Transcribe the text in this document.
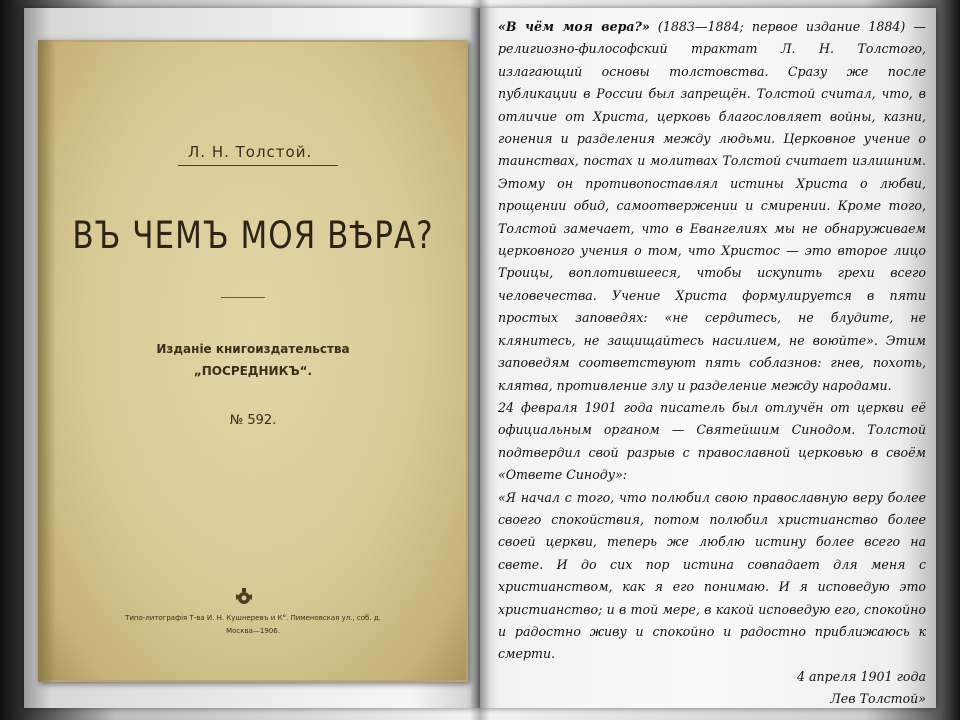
Л. Н. Толстой.
ВЪ ЧЕМЪ МОЯ ВѢРА?
Изданіе книгоиздательства
„ПОСРЕДНИКЪ“.
№ 592.
Типо-литографія Т-ва И. Н. Кушнеревъ и К°. Пименовская ул., соб. д.
Москва—1906.

«В чём моя вера?» (1883—1884; первое издание 1884) — религиозно-философский трактат Л. Н. Толстого, излагающий основы толстовства. Сразу же после публикации в России был запрещён. Толстой считал, что, в отличие от Христа, церковь благословляет войны, казни, гонения и разделения между людьми. Церковное учение о таинствах, постах и молитвах Толстой считает излишним. Этому он противопоставлял истины Христа о любви, прощении обид, самоотвержении и смирении. Кроме того, Толстой замечает, что в Евангелиях мы не обнаруживаем церковного учения о том, что Христос — это второе лицо Троицы, воплотившееся, чтобы искупить грехи всего человечества. Учение Христа формулируется в пяти простых заповедях: «не сердитесь, не блудите, не клянитесь, не защищайтесь насилием, не воюйте». Этим заповедям соответствуют пять соблазнов: гнев, похоть, клятва, противление злу и разделение между народами.

24 февраля 1901 года писатель был отлучён от церкви её официальным органом — Святейшим Синодом. Толстой подтвердил свой разрыв с православной церковью в своём «Ответе Синоду»:

«Я начал с того, что полюбил свою православную веру более своего спокойствия, потом полюбил христианство более своей церкви, теперь же люблю истину более всего на свете. И до сих пор истина совпадает для меня с христианством, как я его понимаю. И я исповедую это христианство; и в той мере, в какой исповедую его, спокойно и радостно живу и спокойно и радостно приближаюсь к смерти.

4 апреля 1901 года

Лев Толстой»
